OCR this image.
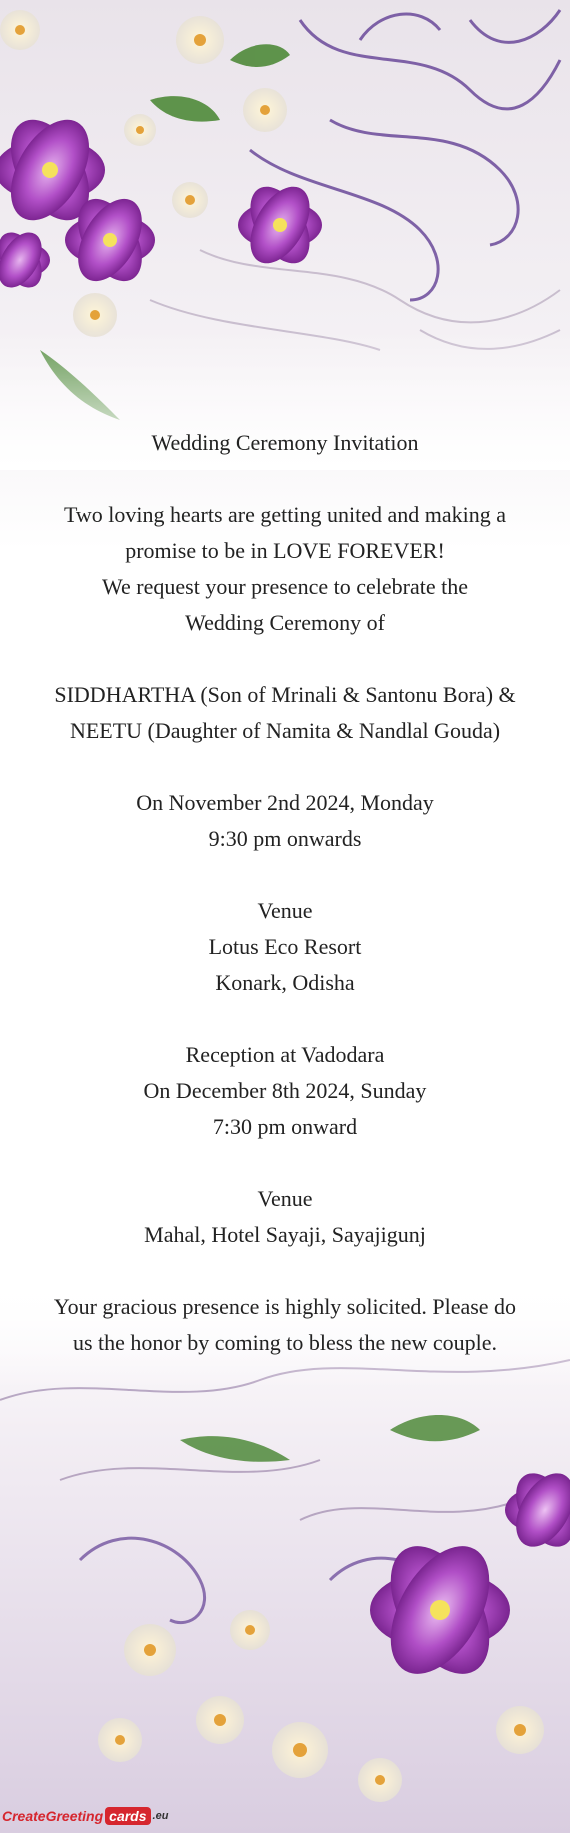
Wedding Ceremony Invitation

Two loving hearts are getting united and making a

promise to be in LOVE FOREVER!

We request your presence to celebrate the

Wedding Ceremony of

SIDDHARTHA (Son of Mrinali & Santonu Bora) &

NEETU (Daughter of Namita & Nandlal Gouda)

On November 2nd 2024, Monday

9:30 pm onwards

Venue

Lotus Eco Resort

Konark, Odisha

Reception at Vadodara

On December 8th 2024, Sunday

7:30 pm onward

Venue

Mahal, Hotel Sayaji, Sayajigunj

Your gracious presence is highly solicited. Please do

us the honor by coming to bless the new couple.

CreateGreeting cards .eu
